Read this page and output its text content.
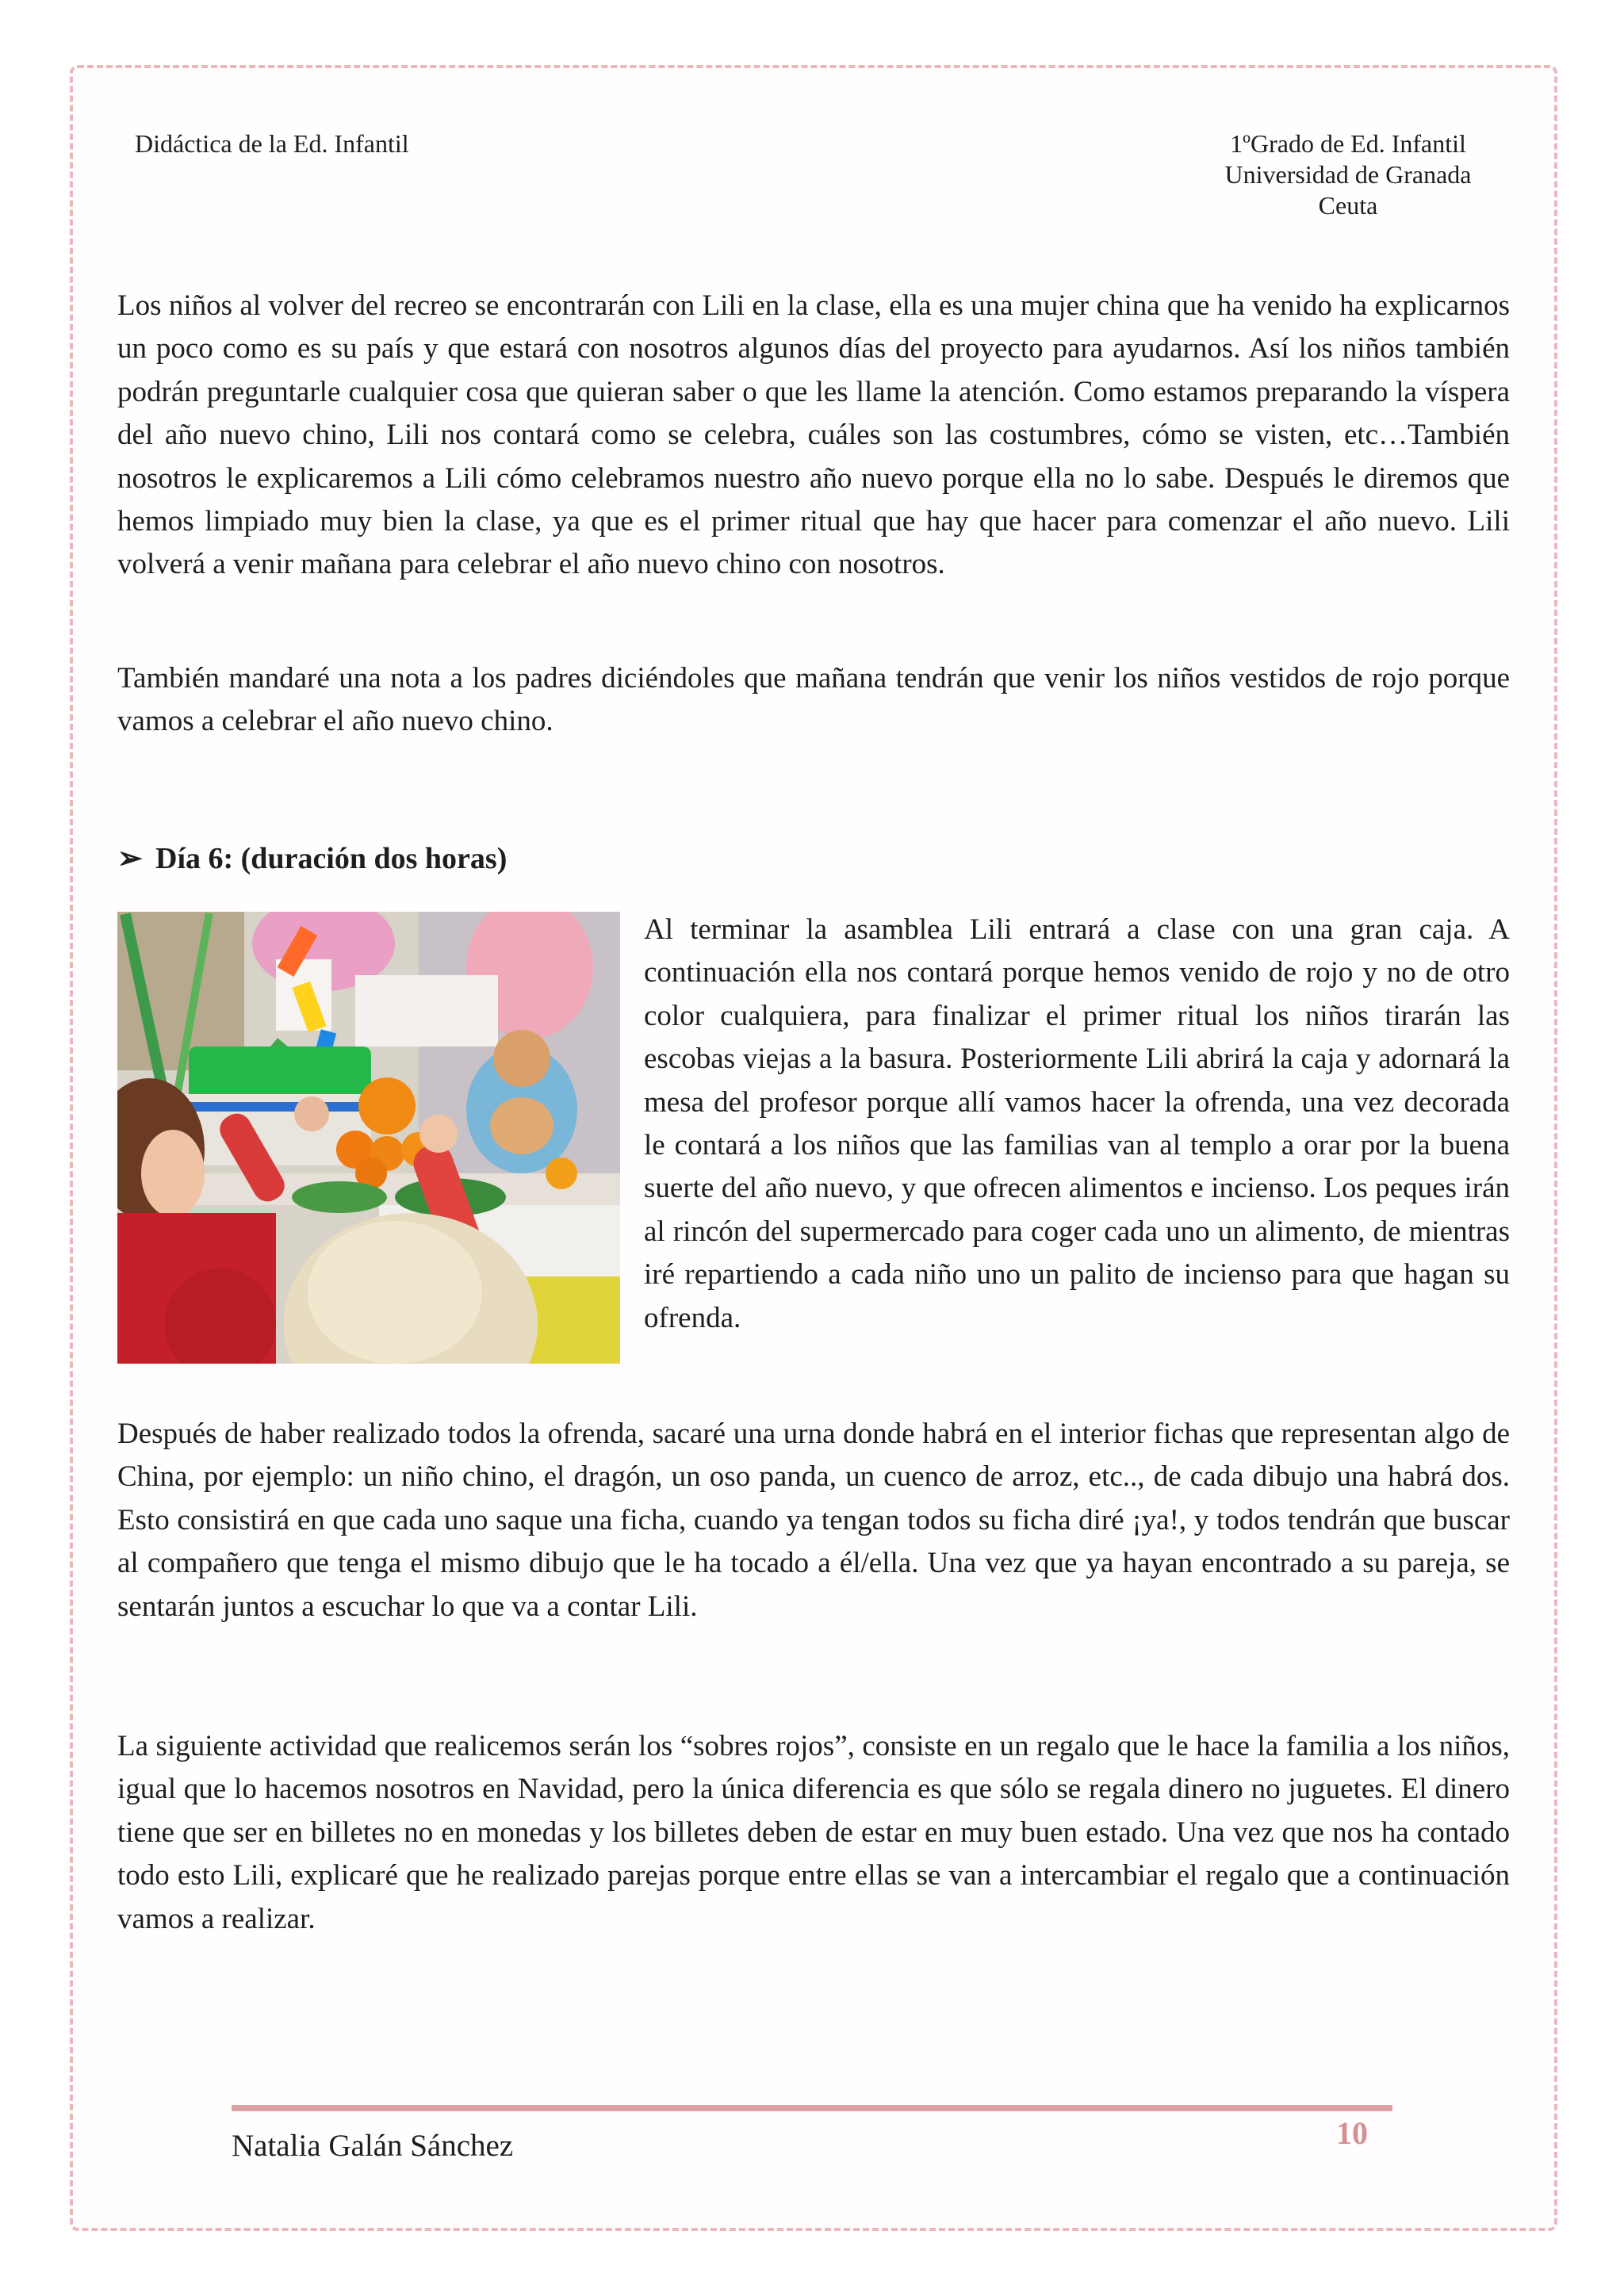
Didáctica de la Ed. Infantil	1ºGrado de Ed. Infantil
Universidad de Granada
Ceuta

Los niños al volver del recreo se encontrarán con Lili en la clase, ella es una mujer china que ha venido ha explicarnos un poco como es su país y que estará con nosotros algunos días del proyecto para ayudarnos. Así los niños también podrán preguntarle cualquier cosa que quieran saber o que les llame la atención. Como estamos preparando la víspera del año nuevo chino, Lili nos contará como se celebra, cuáles son las costumbres, cómo se visten, etc…También nosotros le explicaremos a Lili cómo celebramos nuestro año nuevo porque ella no lo sabe. Después le diremos que hemos limpiado muy bien la clase, ya que es el primer ritual que hay que hacer para comenzar el año nuevo. Lili volverá a venir mañana para celebrar el año nuevo chino con nosotros.

También mandaré una nota a los padres diciéndoles que mañana tendrán que venir los niños vestidos de rojo porque vamos a celebrar el año nuevo chino.

➢ Día 6: (duración dos horas)

Al terminar la asamblea Lili entrará a clase con una gran caja. A continuación ella nos contará porque hemos venido de rojo y no de otro color cualquiera, para finalizar el primer ritual los niños tirarán las escobas viejas a la basura. Posteriormente Lili abrirá la caja y adornará la mesa del profesor porque allí vamos hacer la ofrenda, una vez decorada le contará a los niños que las familias van al templo a orar por la buena suerte del año nuevo, y que ofrecen alimentos e incienso. Los peques irán al rincón del supermercado para coger cada uno un alimento, de mientras iré repartiendo a cada niño uno un palito de incienso para que hagan su ofrenda.

Después de haber realizado todos la ofrenda, sacaré una urna donde habrá en el interior fichas que representan algo de China, por ejemplo: un niño chino, el dragón, un oso panda, un cuenco de arroz, etc.., de cada dibujo una habrá dos. Esto consistirá en que cada uno saque una ficha, cuando ya tengan todos su ficha diré ¡ya!, y todos tendrán que buscar al compañero que tenga el mismo dibujo que le ha tocado a él/ella. Una vez que ya hayan encontrado a su pareja, se sentarán juntos a escuchar lo que va a contar Lili.

La siguiente actividad que realicemos serán los “sobres rojos”, consiste en un regalo que le hace la familia a los niños, igual que lo hacemos nosotros en Navidad, pero la única diferencia es que sólo se regala dinero no juguetes. El dinero tiene que ser en billetes no en monedas y los billetes deben de estar en muy buen estado. Una vez que nos ha contado todo esto Lili, explicaré que he realizado parejas porque entre ellas se van a intercambiar el regalo que a continuación vamos a realizar.

Natalia Galán Sánchez	10
